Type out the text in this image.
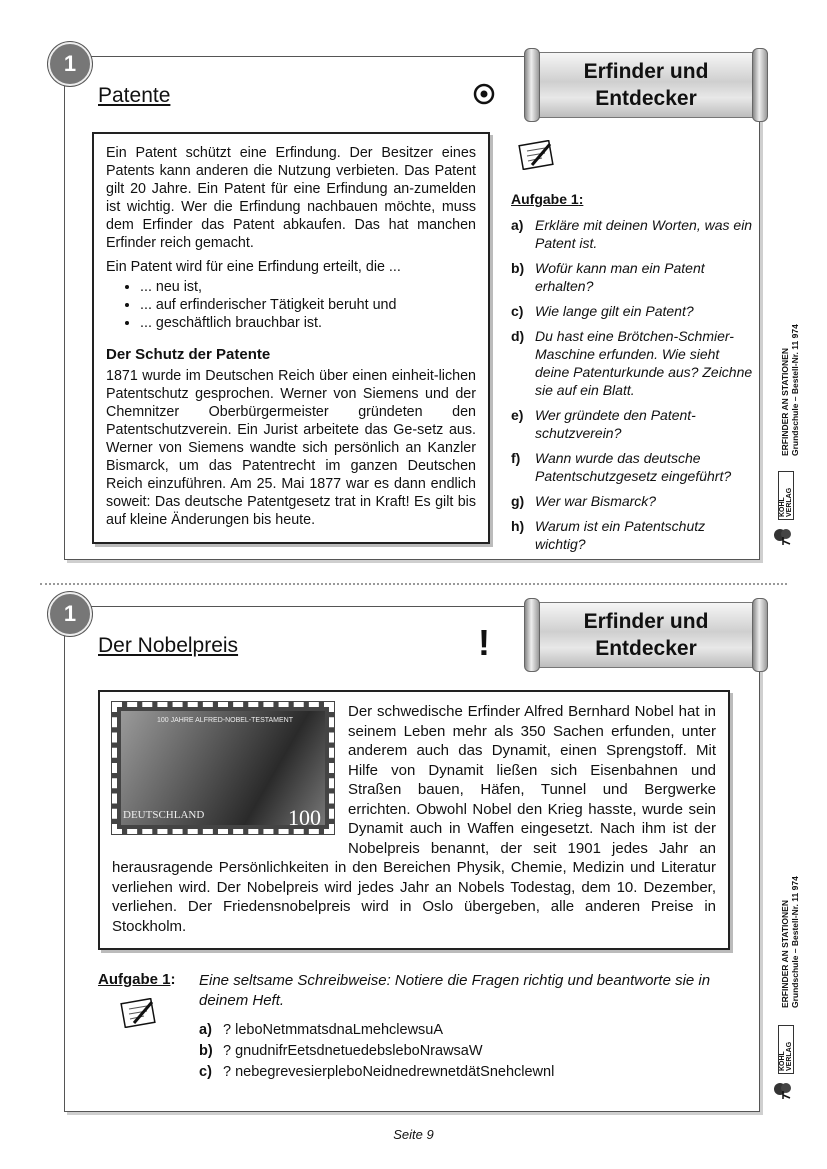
1
Patente
Erfinder und
Entdecker

Ein Patent schützt eine Erfindung. Der Besitzer eines Patents kann anderen die Nutzung verbieten. Das Patent gilt 20 Jahre. Ein Patent für eine Erfindung an-zumelden ist wichtig. Wer die Erfindung nachbauen möchte, muss dem Erfinder das Patent abkaufen. Das hat manchen Erfinder reich gemacht.

Ein Patent wird für eine Erfindung erteilt, die ...

• ... neu ist,
• ... auf erfinderischer Tätigkeit beruht und
• ... geschäftlich brauchbar ist.
Der Schutz der Patente

1871 wurde im Deutschen Reich über einen einheit-lichen Patentschutz gesprochen. Werner von Siemens und der Chemnitzer Oberbürgermeister gründeten den Patentschutzverein. Ein Jurist arbeitete das Ge-setz aus. Werner von Siemens wandte sich persönlich an Kanzler Bismarck, um das Patentrecht im ganzen Deutschen Reich einzuführen. Am 25. Mai 1877 war es dann endlich soweit: Das deutsche Patentgesetz trat in Kraft! Es gilt bis auf kleine Änderungen bis heute.

Aufgabe 1:
a) Erkläre mit deinen Worten, was ein Patent ist.
b) Wofür kann man ein Patent erhalten?
c) Wie lange gilt ein Patent?
d) Du hast eine Brötchen-Schmier-Maschine erfunden. Wie sieht deine Patenturkunde aus? Zeichne sie auf ein Blatt.
e) Wer gründete den Patent-schutzverein?
f)	Wann wurde das deutsche Patentschutzgesetz eingeführt?
g) Wer war Bismarck?
h) Warum ist ein Patentschutz wichtig?
ERFINDER AN STATIONEN Grundschule – Bestell-Nr. 11 974
KOHL VERLAG
1
Der Nobelpreis	!
Erfinder und
Entdecker
100 JAHRE ALFRED-NOBEL-TESTAMENT
DEUTSCHLAND	100

Der schwedische Erfinder Alfred Bernhard Nobel hat in seinem Leben mehr als 350 Sachen erfunden, unter anderem auch das Dynamit, einen Sprengstoff. Mit Hilfe von Dynamit ließen sich Eisenbahnen und Straßen bauen, Häfen, Tunnel und Bergwerke errichten. Obwohl Nobel den Krieg hasste, wurde sein Dynamit auch in Waffen eingesetzt. Nach ihm ist der Nobelpreis benannt, der seit 1901 jedes Jahr an herausragende Persönlichkeiten in den Bereichen Physik, Chemie, Medizin und Literatur verliehen wird. Der Nobelpreis wird jedes Jahr an Nobels Todestag, dem 10. Dezember, verliehen. Der Friedensnobelpreis wird in Oslo übergeben, alle anderen Preise in Stockholm.

Aufgabe 1: Eine seltsame Schreibweise: Notiere die Fragen richtig und beantworte sie in deinem Heft.
a) ? leboNetmmatsdnaLmehclewsuA
b) ? gnudnifrEetsdnetuedebsleboNrawsaW
c) ? nebegrevesierpleboNeidnedrewnetdätSnehclewnl
ERFINDER AN STATIONEN Grundschule – Bestell-Nr. 11 974
KOHL VERLAG
Seite 9
